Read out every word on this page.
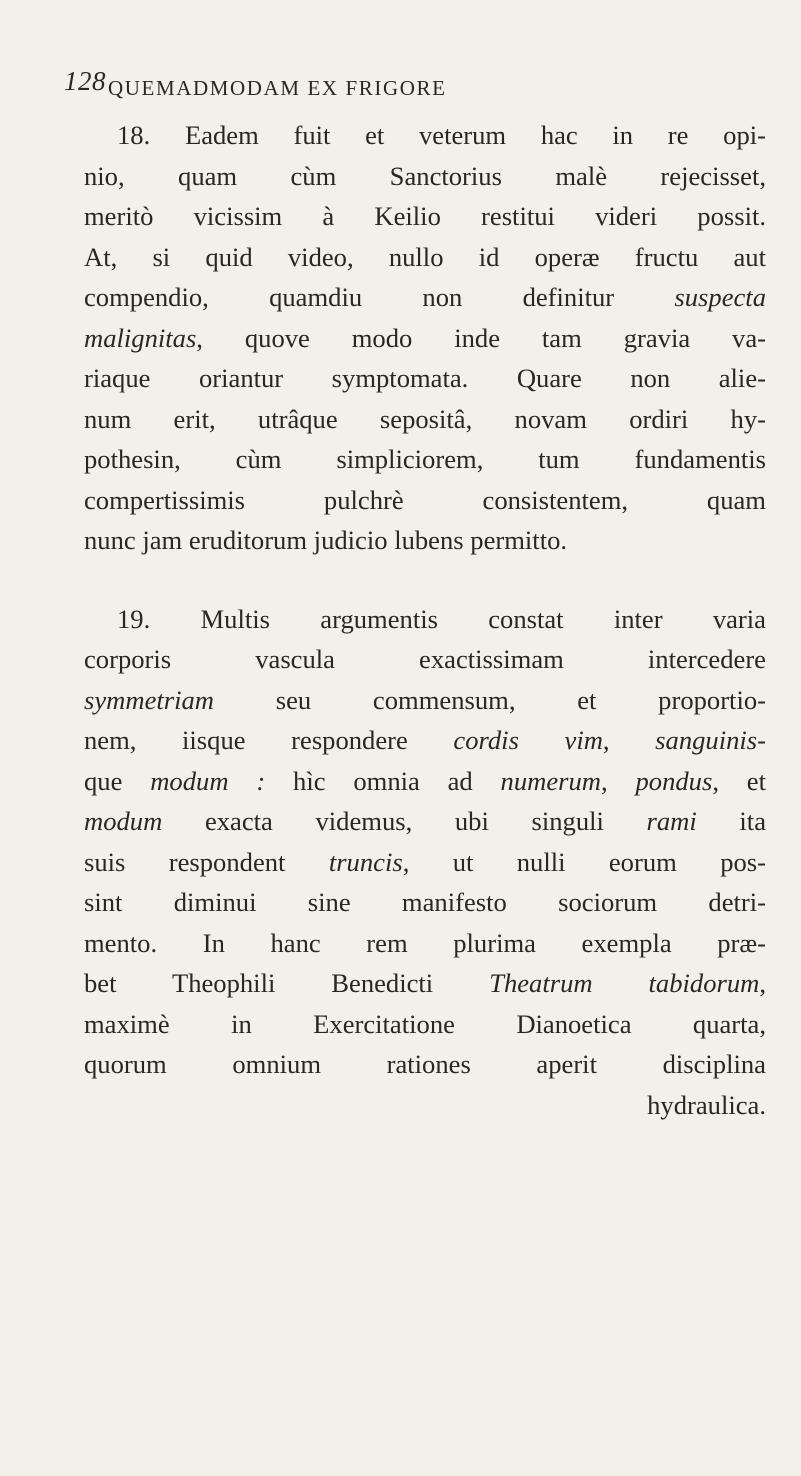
128 QUEMADMODAM EX FRIGORE
18. Eadem fuit et veterum hac in re opi-
nio, quam cùm Sanctorius malè rejecisset,
meritò vicissim à Keilio restitui videri possit.
At, si quid video, nullo id operæ fructu aut
compendio, quamdiu non definitur suspecta
malignitas, quove modo inde tam gravia va-
riaque oriantur symptomata. Quare non alie-
num erit, utrâque sepositâ, novam ordiri hy-
pothesin, cùm simpliciorem, tum fundamentis
compertissimis pulchrè consistentem, quam
nunc jam eruditorum judicio lubens permitto.
19. Multis argumentis constat inter varia
corporis vascula exactissimam intercedere
symmetriam seu commensum, et proportio-
nem, iisque respondere cordis vim, sanguinis-
que modum : hìc omnia ad numerum, pondus, et
modum exacta videmus, ubi singuli rami ita
suis respondent truncis, ut nulli eorum pos-
sint diminui sine manifesto sociorum detri-
mento. In hanc rem plurima exempla præ-
bet Theophili Benedicti Theatrum tabidorum,
maximè in Exercitatione Dianoetica quarta,
quorum omnium rationes aperit disciplina
hydraulica.
